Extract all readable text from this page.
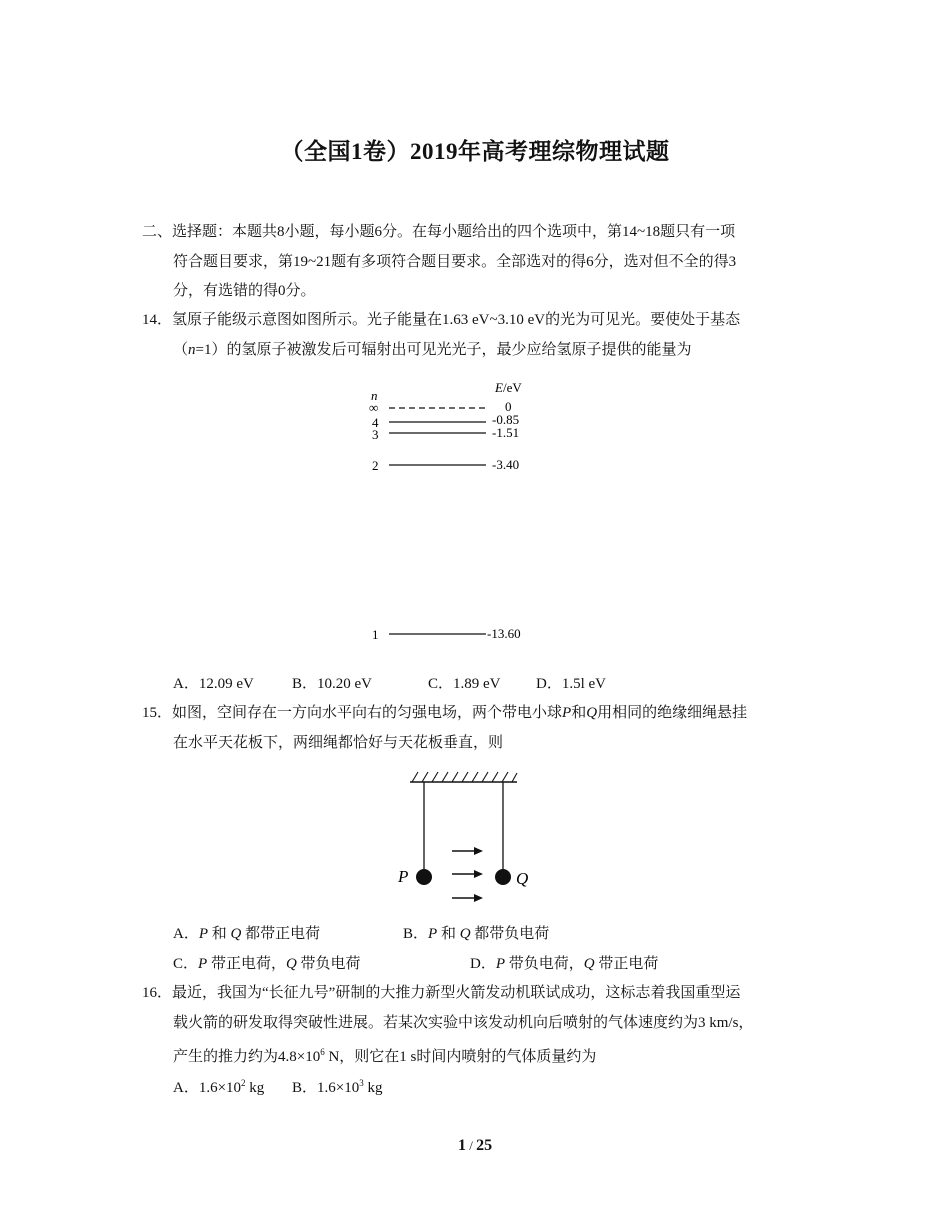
（全国1卷）2019年高考理综物理试题
二、选择题：本题共8小题，每小题6分。在每小题给出的四个选项中，第14~18题只有一项
符合题目要求，第19~21题有多项符合题目要求。全部选对的得6分，选对但不全的得3
分，有选错的得0分。
14．氢原子能级示意图如图所示。光子能量在1.63 eV~3.10 eV的光为可见光。要使处于基态
（n=1）的氢原子被激发后可辐射出可见光光子，最少应给氢原子提供的能量为
n
E/eV
∞	0
4	-0.85
3	-1.51
2	-3.40
1	-13.60
A．12.09 eV	B．10.20 eV	C．1.89 eV D．1.5l eV
15．如图，空间存在一方向水平向右的匀强电场，两个带电小球P和Q用相同的绝缘细绳悬挂
在水平天花板下，两细绳都恰好与天花板垂直，则
P	Q
A．P 和 Q 都带正电荷	B．P 和 Q 都带负电荷
C．P 带正电荷，Q 带负电荷	D．P 带负电荷，Q 带正电荷
16．最近，我国为“长征九号”研制的大推力新型火箭发动机联试成功，这标志着我国重型运
载火箭的研发取得突破性进展。若某次实验中该发动机向后喷射的气体速度约为3 km/s，
产生的推力约为$4.8\times 10^6$ N，则它在1 s时间内喷射的气体质量约为
A．$1.6\times 10^2$ kg B．$1.6\times 10^3$ kg
1 / 25
